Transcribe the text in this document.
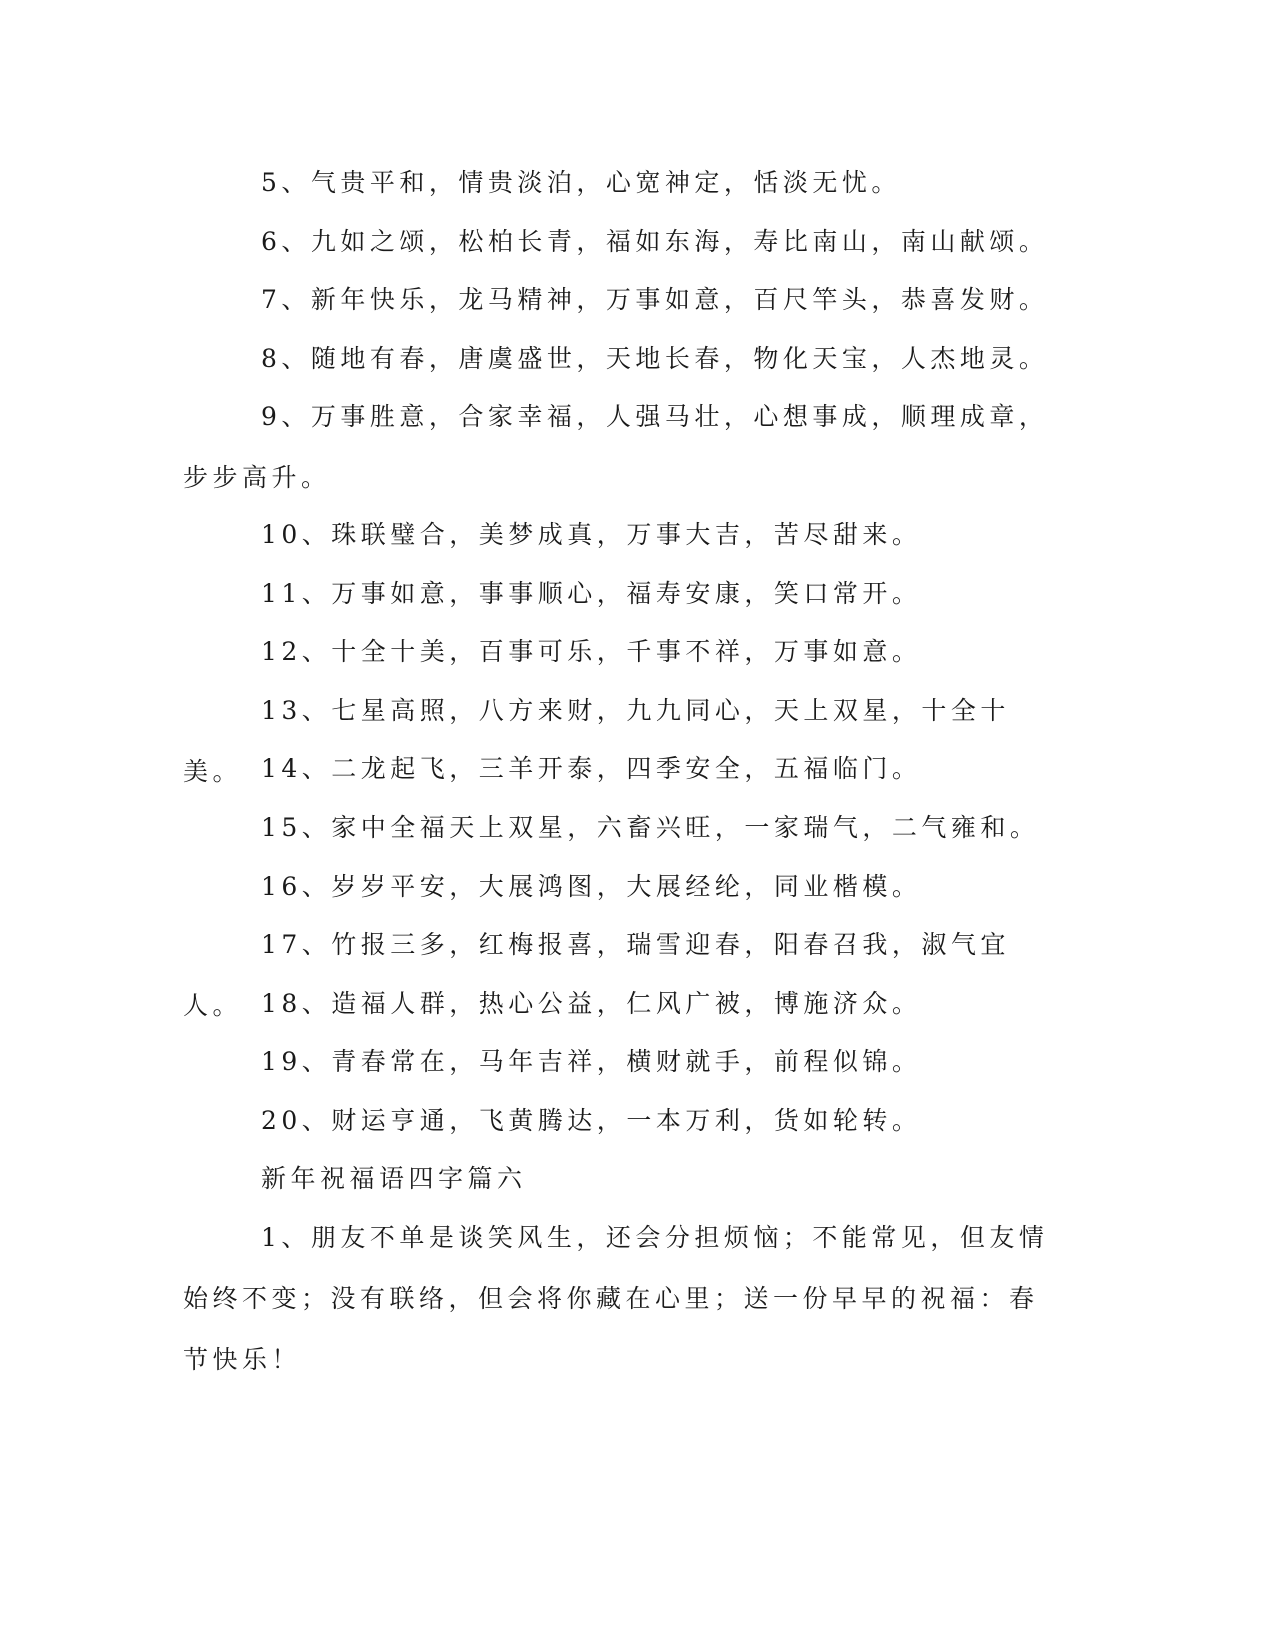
5、气贵平和，情贵淡泊，心宽神定，恬淡无忧。

6、九如之颂，松柏长青，福如东海，寿比南山，南山献颂。

7、新年快乐，龙马精神，万事如意，百尺竿头，恭喜发财。

8、随地有春，唐虞盛世，天地长春，物化天宝，人杰地灵。

9、万事胜意，合家幸福，人强马壮，心想事成，顺理成章，步步高升。

10、珠联璧合，美梦成真，万事大吉，苦尽甜来。

11、万事如意，事事顺心，福寿安康，笑口常开。

12、十全十美，百事可乐，千事不祥，万事如意。

13、七星高照，八方来财，九九同心，天上双星，十全十美。 14、二龙起飞，三羊开泰，四季安全，五福临门。

15、家中全福天上双星，六畜兴旺，一家瑞气，二气雍和。

16、岁岁平安，大展鸿图，大展经纶，同业楷模。

17、竹报三多，红梅报喜，瑞雪迎春，阳春召我，淑气宜人。 18、造福人群，热心公益，仁风广被，博施济众。

19、青春常在，马年吉祥，横财就手，前程似锦。

20、财运亨通，飞黄腾达，一本万利，货如轮转。

新年祝福语四字篇六

1、朋友不单是谈笑风生，还会分担烦恼；不能常见，但友情始终不变；没有联络，但会将你藏在心里；送一份早早的祝福：春节快乐！
